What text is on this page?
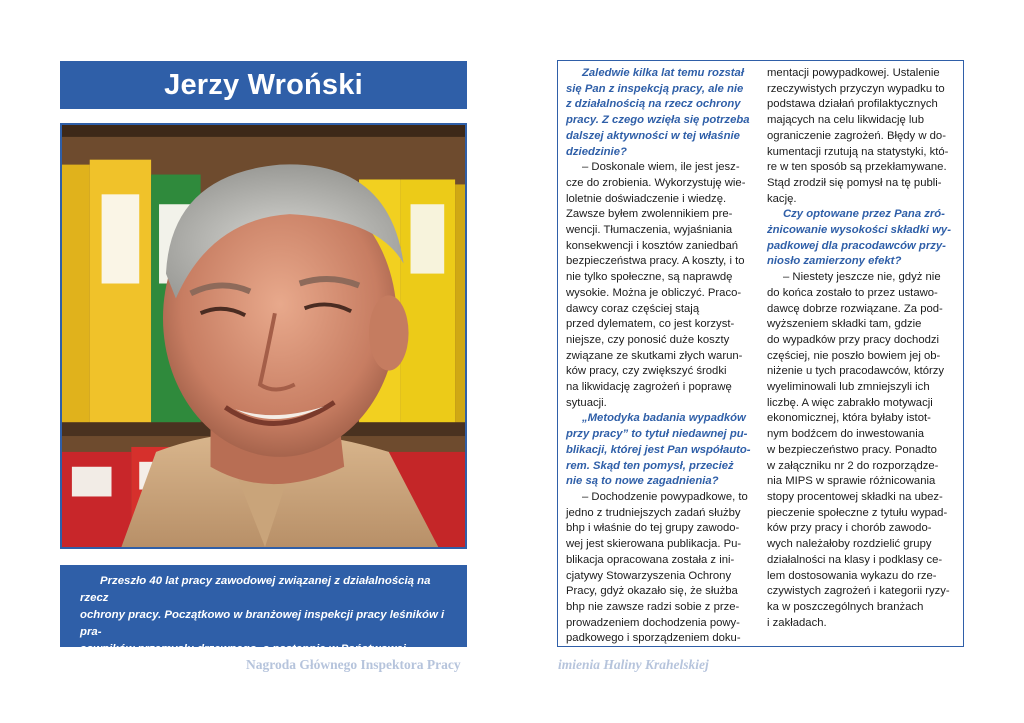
Jerzy Wroński

Przeszło 40 lat pracy zawodowej związanej z działalnością na rzecz

ochrony pracy. Początkowo w branżowej inspekcji pracy leśników i pra-
cowników przemysłu drzewnego, a następnie w Państwowej Inspekcji
Pracy. Obecnie działa w Stowarzyszeniu Ochrony Pracy.
Nagroda Głównego Inspektora Pracy
Zaledwie kilka lat temu rozstał
się Pan z inspekcją pracy, ale nie
z działalnością na rzecz ochrony
pracy. Z czego wzięła się potrzeba
dalszej aktywności w tej właśnie
dziedzinie?
– Doskonale wiem, ile jest jesz-
cze do zrobienia. Wykorzystuję wie-
loletnie doświadczenie i wiedzę.
Zawsze byłem zwolennikiem pre-
wencji. Tłumaczenia, wyjaśniania
konsekwencji i kosztów zaniedbań
bezpieczeństwa pracy. A koszty, i to
nie tylko społeczne, są naprawdę
wysokie. Można je obliczyć. Praco-
dawcy coraz częściej stają
przed dylematem, co jest korzyst-
niejsze, czy ponosić duże koszty
związane ze skutkami złych warun-
ków pracy, czy zwiększyć środki
na likwidację zagrożeń i poprawę
sytuacji.
„Metodyka badania wypadków
przy pracy” to tytuł niedawnej pu-
blikacji, której jest Pan współauto-
rem. Skąd ten pomysł, przecież
nie są to nowe zagadnienia?
– Dochodzenie powypadkowe, to
jedno z trudniejszych zadań służby
bhp i właśnie do tej grupy zawodo-
wej jest skierowana publikacja. Pu-
blikacja opracowana została z ini-
cjatywy Stowarzyszenia Ochrony
Pracy, gdyż okazało się, że służba
bhp nie zawsze radzi sobie z prze-
prowadzeniem dochodzenia powy-
padkowego i sporządzeniem doku-
mentacji powypadkowej. Ustalenie
rzeczywistych przyczyn wypadku to
podstawa działań profilaktycznych
mających na celu likwidację lub
ograniczenie zagrożeń. Błędy w do-
kumentacji rzutują na statystyki, któ-
re w ten sposób są przekłamywane.
Stąd zrodził się pomysł na tę publi-
kację.
Czy optowane przez Pana zró-
żnicowanie wysokości składki wy-
padkowej dla pracodawców przy-
niosło zamierzony efekt?
– Niestety jeszcze nie, gdyż nie
do końca zostało to przez ustawo-
dawcę dobrze rozwiązane. Za pod-
wyższeniem składki tam, gdzie
do wypadków przy pracy dochodzi
częściej, nie poszło bowiem jej ob-
niżenie u tych pracodawców, którzy
wyeliminowali lub zmniejszyli ich
liczbę. A więc zabrakło motywacji
ekonomicznej, która byłaby istot-
nym bodźcem do inwestowania
w bezpieczeństwo pracy. Ponadto
w załączniku nr 2 do rozporządze-
nia MIPS w sprawie różnicowania
stopy procentowej składki na ubez-
pieczenie społeczne z tytułu wypad-
ków przy pracy i chorób zawodo-
wych należałoby rozdzielić grupy
działalności na klasy i podklasy ce-
lem dostosowania wykazu do rze-
czywistych zagrożeń i kategorii ryzy-
ka w poszczególnych branżach
i zakładach.
imienia Haliny Krahelskiej
